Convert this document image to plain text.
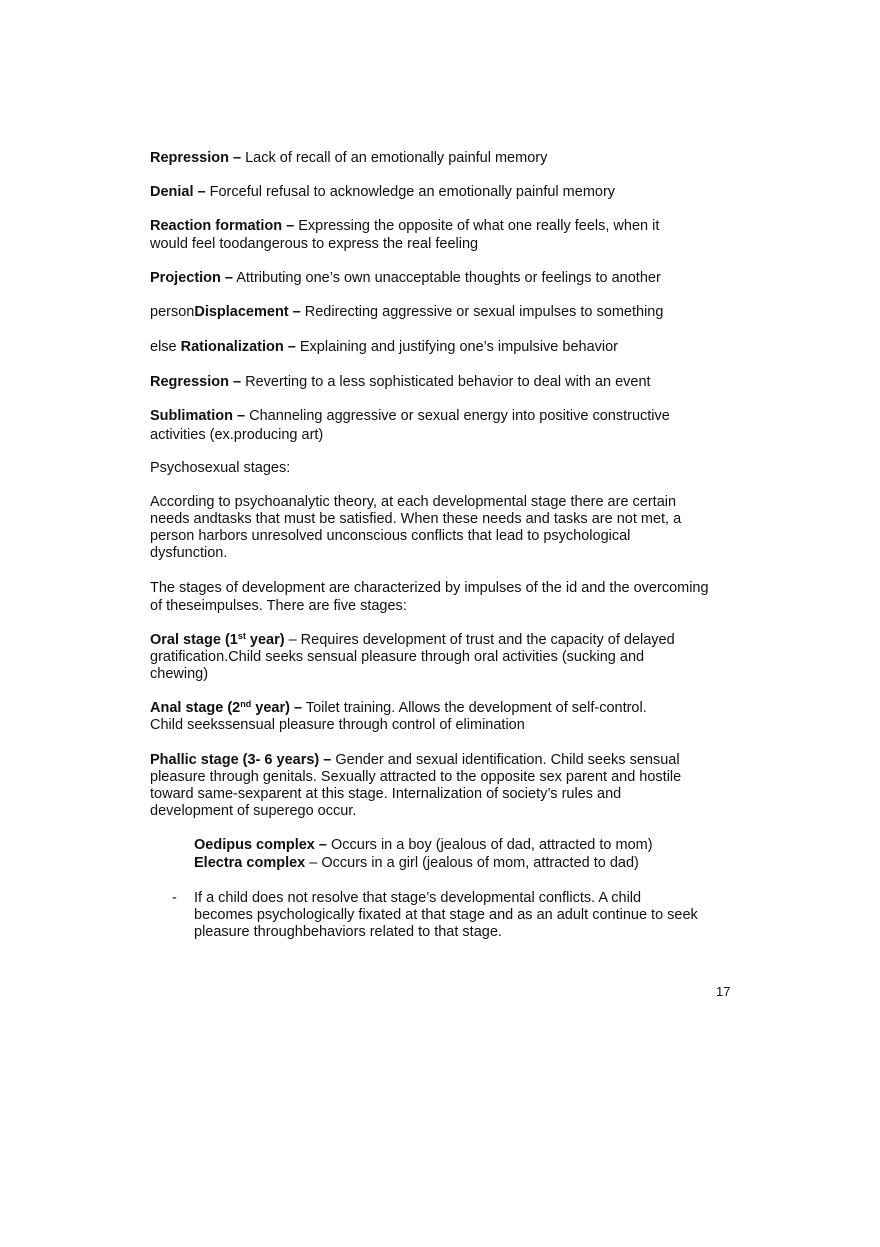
Repression – Lack of recall of an emotionally painful memory
Denial – Forceful refusal to acknowledge an emotionally painful memory
Reaction formation – Expressing the opposite of what one really feels, when it
would feel toodangerous to express the real feeling
Projection – Attributing one’s own unacceptable thoughts or feelings to another
personDisplacement – Redirecting aggressive or sexual impulses to something
else Rationalization – Explaining and justifying one’s impulsive behavior
Regression – Reverting to a less sophisticated behavior to deal with an event
Sublimation – Channeling aggressive or sexual energy into positive constructive
activities (ex.producing art)
Psychosexual stages:
According to psychoanalytic theory, at each developmental stage there are certain
needs andtasks that must be satisfied. When these needs and tasks are not met, a
person harbors unresolved unconscious conflicts that lead to psychological
dysfunction.
The stages of development are characterized by impulses of the id and the overcoming
of theseimpulses. There are five stages:
Oral stage (1st year) – Requires development of trust and the capacity of delayed
gratification.Child seeks sensual pleasure through oral activities (sucking and
chewing)
Anal stage (2nd year) – Toilet training. Allows the development of self-control.
Child seekssensual pleasure through control of elimination
Phallic stage (3- 6 years) – Gender and sexual identification. Child seeks sensual
pleasure through genitals. Sexually attracted to the opposite sex parent and hostile
toward same-sexparent at this stage. Internalization of society’s rules and
development of superego occur.
Oedipus complex – Occurs in a boy (jealous of dad, attracted to mom)
Electra complex – Occurs in a girl (jealous of mom, attracted to dad)
- If a child does not resolve that stage’s developmental conflicts. A child
becomes psychologically fixated at that stage and as an adult continue to seek
pleasure throughbehaviors related to that stage.
17
